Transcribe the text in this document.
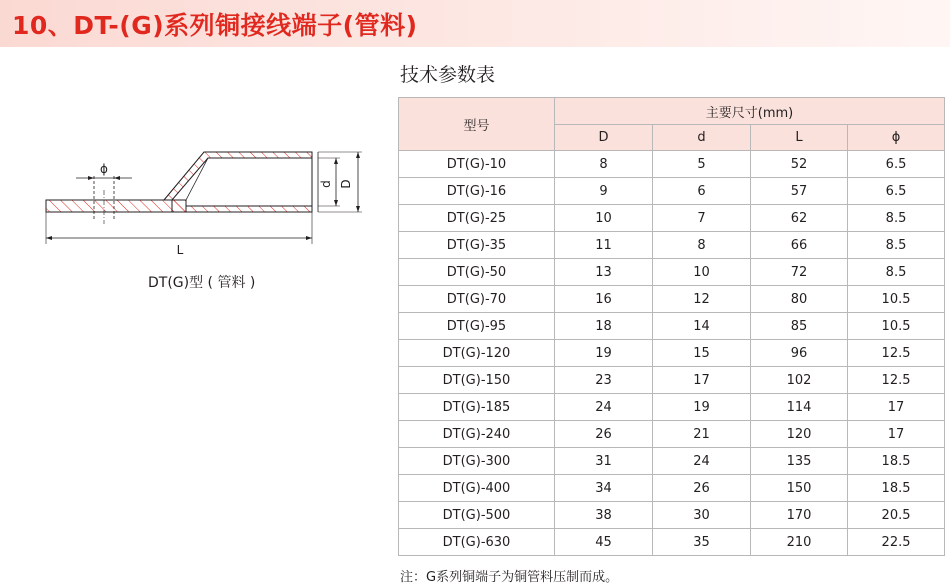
10、DT-(G)系列铜接线端子(管料)
技术参数表
ϕ
d D
L
DT(G)型 ( 管料 )
型号	主要尺寸(mm)			
	D	d	L	ϕ
DT(G)-10	8	5	52	6.5
DT(G)-16	9	6	57	6.5
DT(G)-25	10	7	62	8.5
DT(G)-35	11	8	66	8.5
DT(G)-50	13	10	72	8.5
DT(G)-70	16	12	80	10.5
DT(G)-95	18	14	85	10.5
DT(G)-120	19	15	96	12.5
DT(G)-150	23	17	102	12.5
DT(G)-185	24	19	114	17
DT(G)-240	26	21	120	17
DT(G)-300	31	24	135	18.5
DT(G)-400	34	26	150	18.5
DT(G)-500	38	30	170	20.5
DT(G)-630	45	35	210	22.5
注：G系列铜端子为铜管料压制而成。
